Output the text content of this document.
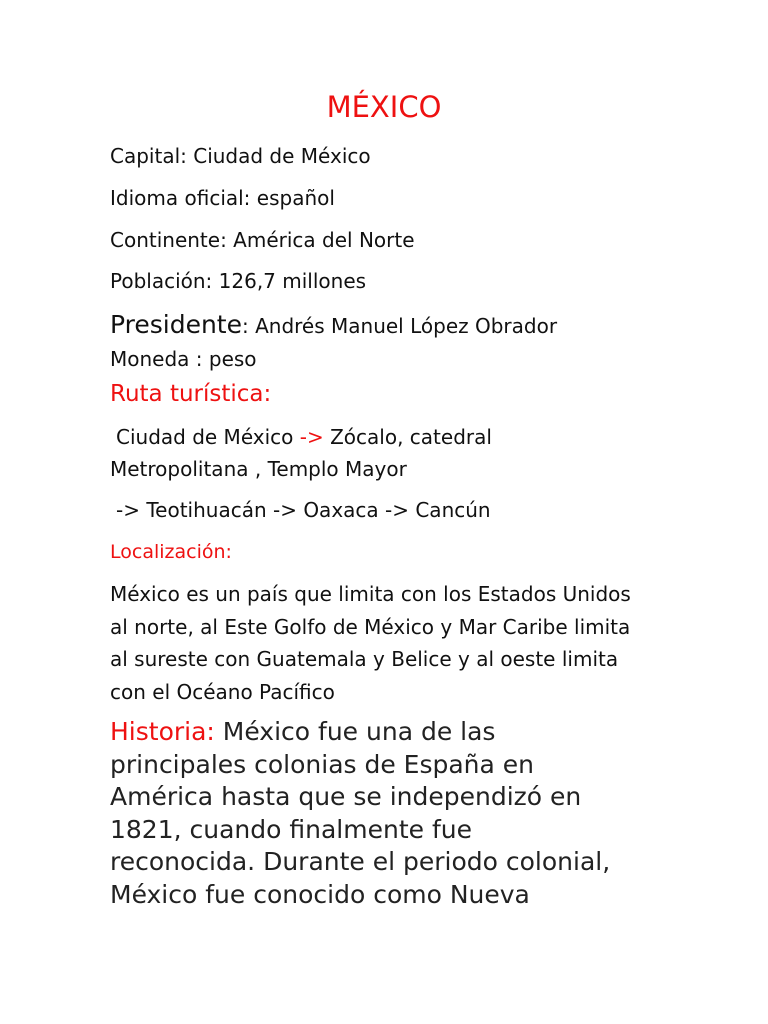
MÉXICO
Capital: Ciudad de México
Idioma oficial: español
Continente: América del Norte
Población: 126,7 millones
Presidente: Andrés Manuel López Obrador
Moneda : peso
Ruta turística:
Ciudad de México -> Zócalo, catedral
Metropolitana , Templo Mayor
-> Teotihuacán -> Oaxaca -> Cancún
Localización:
México es un país que limita con los Estados Unidos
al norte, al Este Golfo de México y Mar Caribe limita
al sureste con Guatemala y Belice y al oeste limita
con el Océano Pacífico
Historia: México fue una de las
principales colonias de España en
América hasta que se independizó en
1821, cuando finalmente fue
reconocida. Durante el periodo colonial,
México fue conocido como Nueva
